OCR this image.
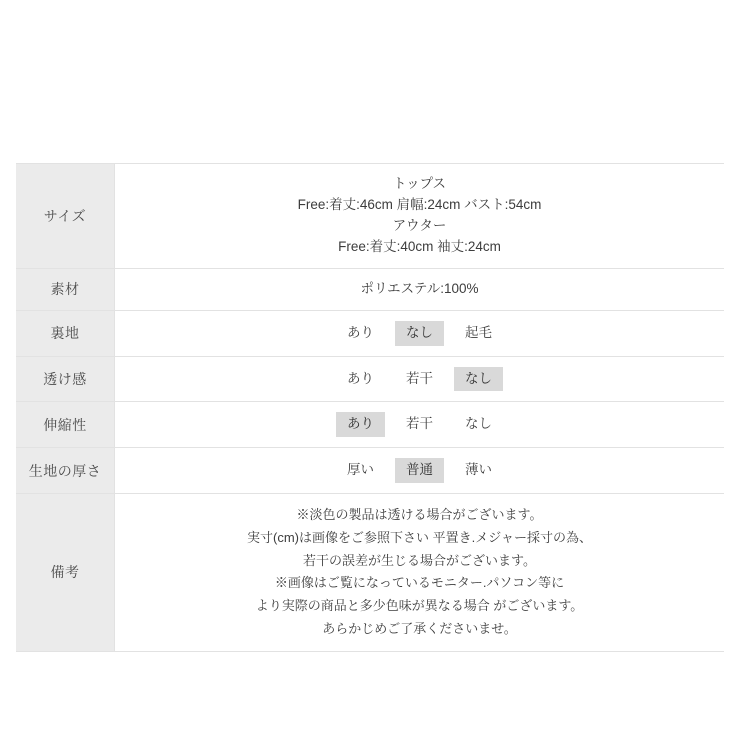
サイズ	トップス
Free:着丈:46cm 肩幅:24cm バスト:54cm
アウター
Free:着丈:40cm 袖丈:24cm

素材	ポリエステル:100%
裏地	あり なし 起毛

透け感	あり 若干 なし

伸縮性	あり 若干 なし

生地の厚さ	厚い 普通 薄い

備考	
※淡色の製品は透ける場合がございます。
実寸(cm)は画像をご参照下さい 平置き.メジャー採寸の為、
若干の誤差が生じる場合がございます。
※画像はご覧になっているモニター.パソコン等に
より実際の商品と多少色味が異なる場合 がございます。
あらかじめご了承くださいませ。
